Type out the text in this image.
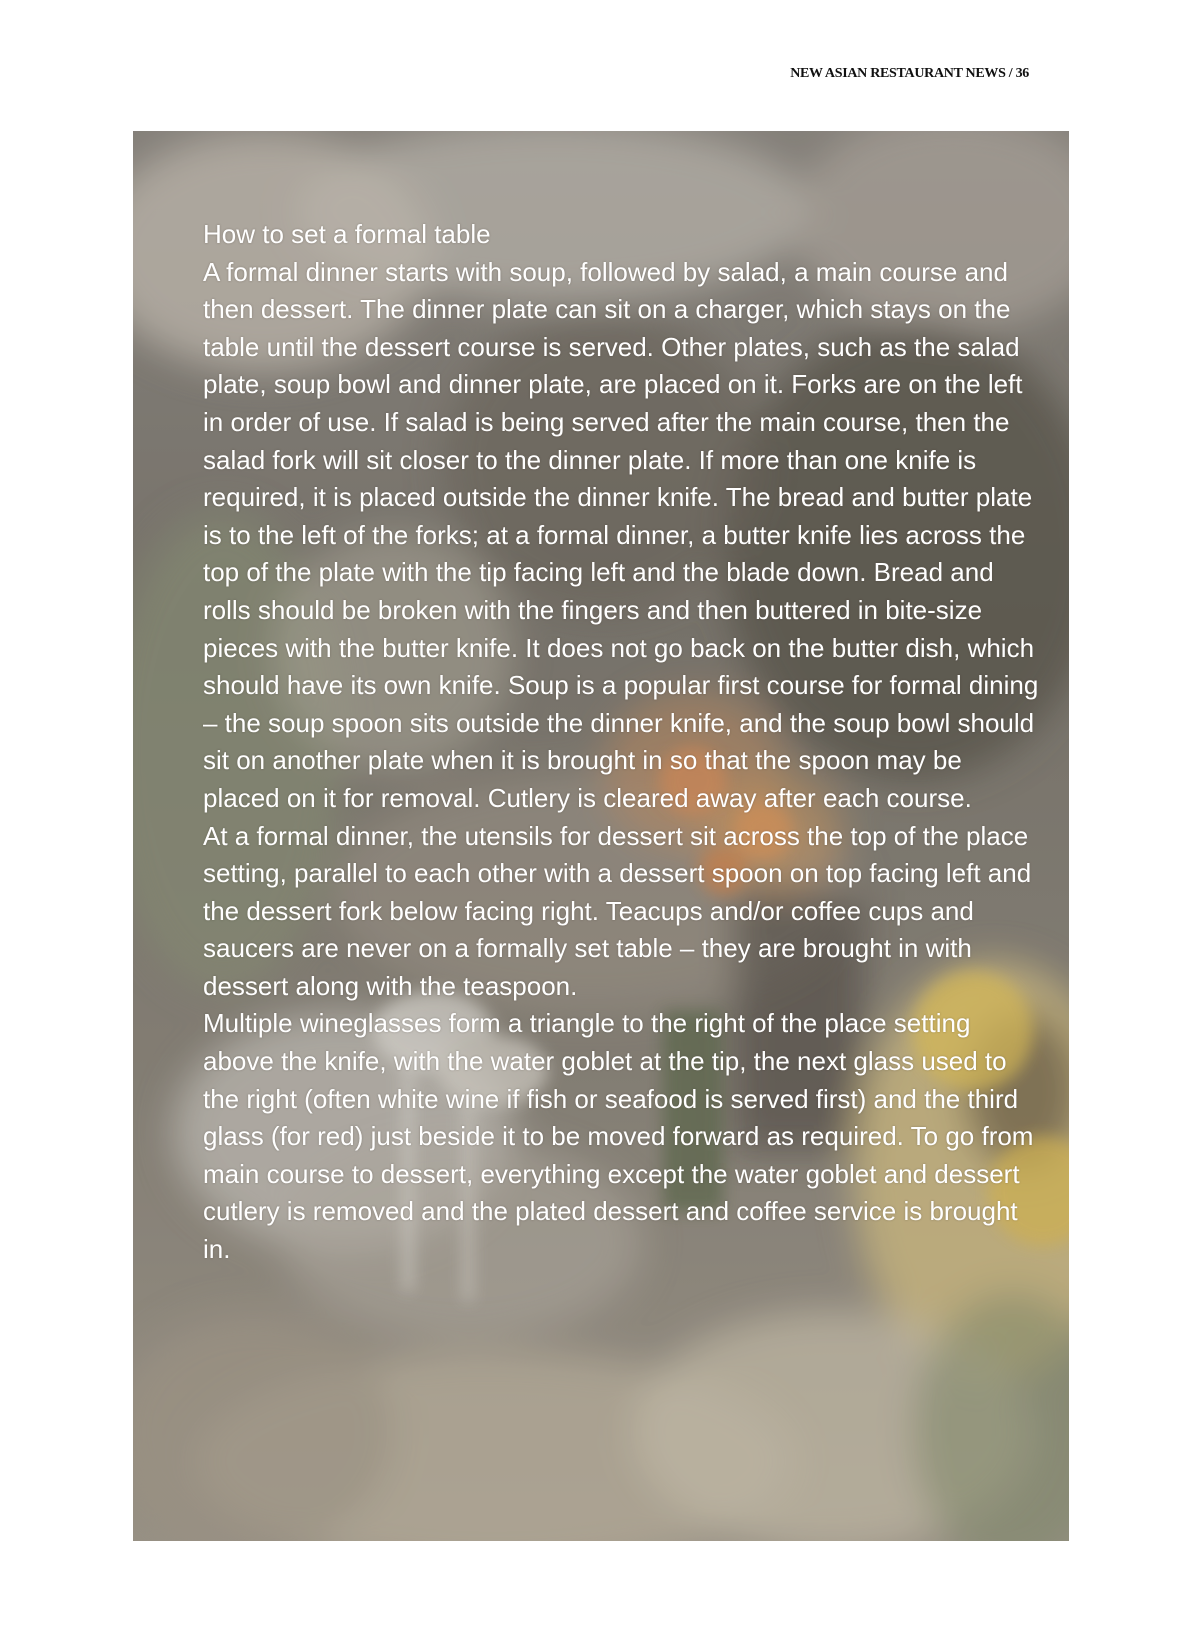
NEW ASIAN RESTAURANT NEWS / 36

How to set a formal table

A formal dinner starts with soup, followed by salad, a main course and then dessert. The dinner plate can sit on a charger, which stays on the table until the dessert course is served. Other plates, such as the salad plate, soup bowl and dinner plate, are placed on it. Forks are on the left in order of use. If salad is being served after the main course, then the salad fork will sit closer to the dinner plate. If more than one knife is required, it is placed outside the dinner knife. The bread and butter plate is to the left of the forks; at a formal dinner, a butter knife lies across the top of the plate with the tip facing left and the blade down. Bread and rolls should be broken with the fingers and then buttered in bite-size pieces with the butter knife. It does not go back on the butter dish, which should have its own knife. Soup is a popular first course for formal dining – the soup spoon sits outside the dinner knife, and the soup bowl should sit on another plate when it is brought in so that the spoon may be placed on it for removal. Cutlery is cleared away after each course.

At a formal dinner, the utensils for dessert sit across the top of the place setting, parallel to each other with a dessert spoon on top facing left and the dessert fork below facing right. Teacups and/or coffee cups and saucers are never on a formally set table – they are brought in with dessert along with the teaspoon.

Multiple wineglasses form a triangle to the right of the place setting above the knife, with the water goblet at the tip, the next glass used to the right (often white wine if fish or seafood is served first) and the third glass (for red) just beside it to be moved forward as required. To go from main course to dessert, everything except the water goblet and dessert cutlery is removed and the plated dessert and coffee service is brought in.
